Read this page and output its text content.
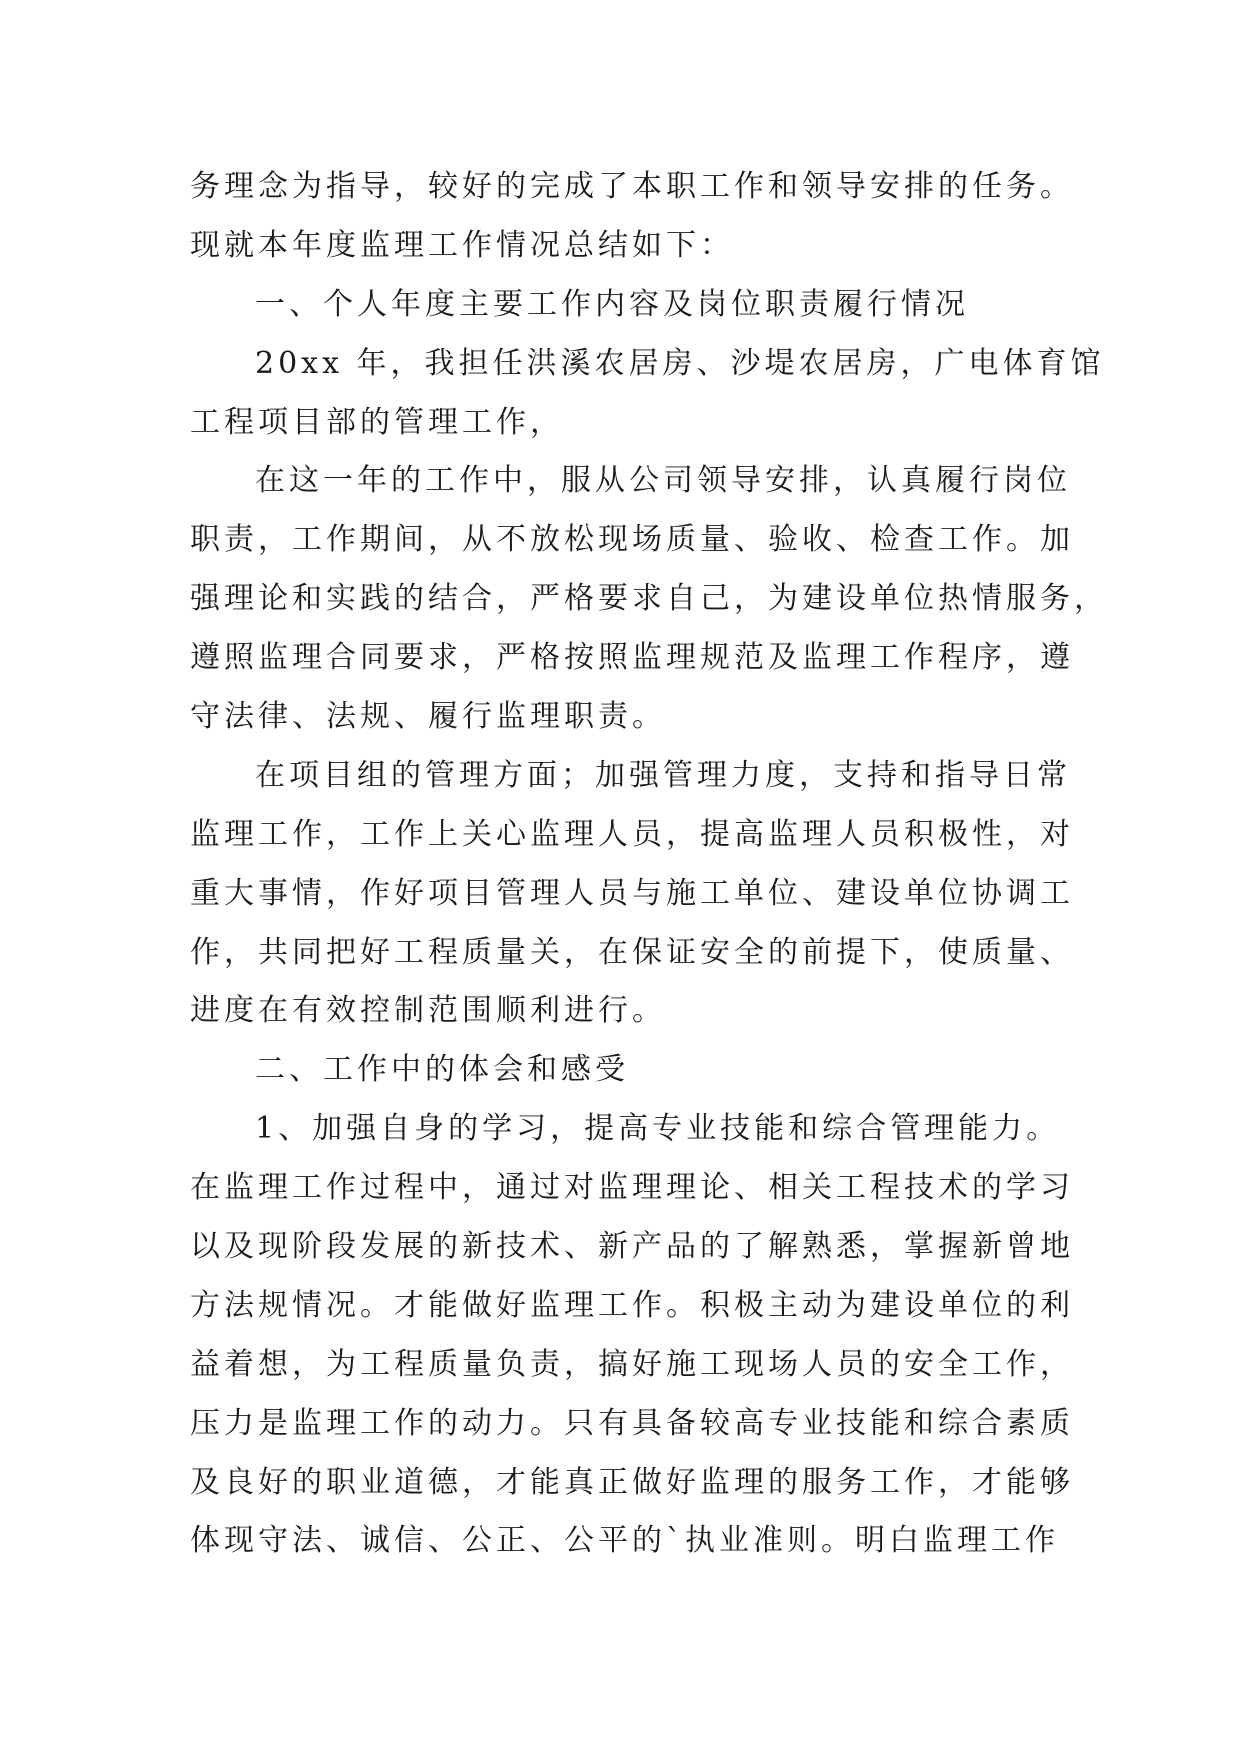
务理念为指导，较好的完成了本职工作和领导安排的任务。
现就本年度监理工作情况总结如下：
一、个人年度主要工作内容及岗位职责履行情况
20xx 年，我担任洪溪农居房、沙堤农居房，广电体育馆
工程项目部的管理工作，
在这一年的工作中，服从公司领导安排，认真履行岗位
职责，工作期间，从不放松现场质量、验收、检查工作。加
强理论和实践的结合，严格要求自己，为建设单位热情服务，
遵照监理合同要求，严格按照监理规范及监理工作程序，遵
守法律、法规、履行监理职责。
在项目组的管理方面；加强管理力度，支持和指导日常
监理工作，工作上关心监理人员，提高监理人员积极性，对
重大事情，作好项目管理人员与施工单位、建设单位协调工
作，共同把好工程质量关，在保证安全的前提下，使质量、
进度在有效控制范围顺利进行。
二、工作中的体会和感受
1、加强自身的学习，提高专业技能和综合管理能力。
在监理工作过程中，通过对监理理论、相关工程技术的学习
以及现阶段发展的新技术、新产品的了解熟悉，掌握新曾地
方法规情况。才能做好监理工作。积极主动为建设单位的利
益着想，为工程质量负责，搞好施工现场人员的安全工作，
压力是监理工作的动力。只有具备较高专业技能和综合素质
及良好的职业道德，才能真正做好监理的服务工作，才能够
体现守法、诚信、公正、公平的`执业准则。明白监理工作
